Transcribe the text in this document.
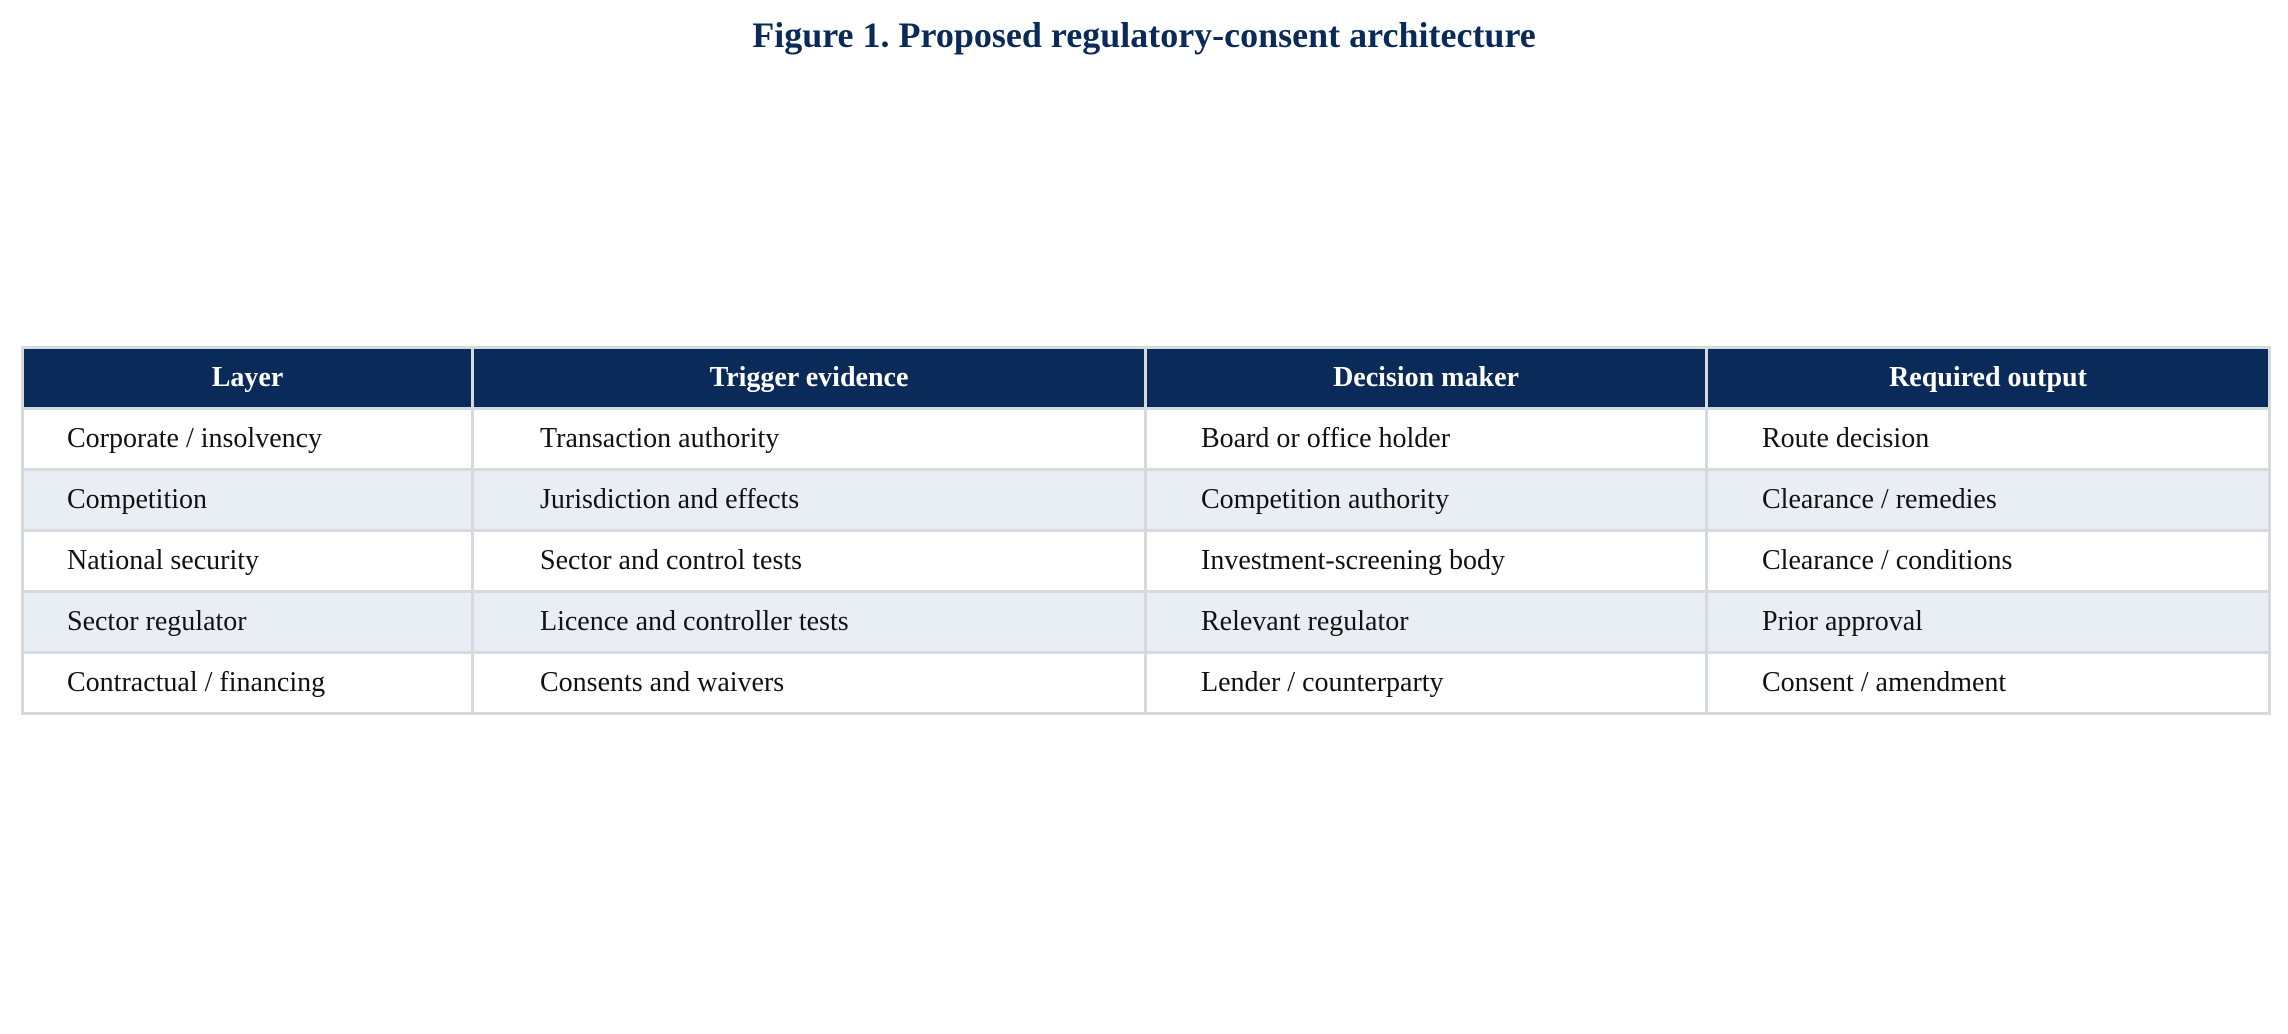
Figure 1. Proposed regulatory-consent architecture
Layer	Trigger evidence	Decision maker	Required output
Corporate / insolvency	Transaction authority	Board or office holder	Route decision
Competition	Jurisdiction and effects	Competition authority	Clearance / remedies
National security	Sector and control tests	Investment-screening body	Clearance / conditions
Sector regulator	Licence and controller tests	Relevant regulator	Prior approval
Contractual / financing	Consents and waivers	Lender / counterparty	Consent / amendment
